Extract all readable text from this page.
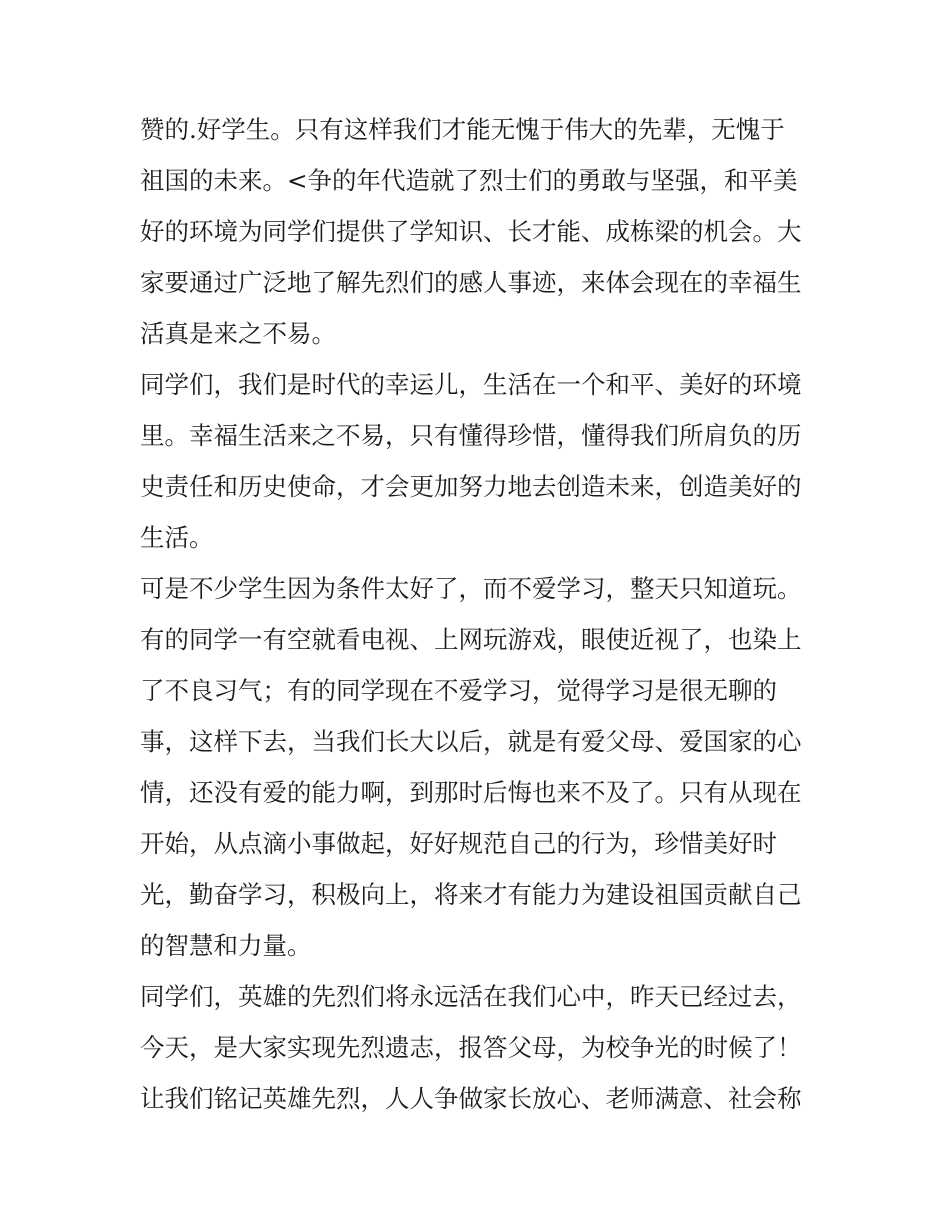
赞的.好学生。只有这样我们才能无愧于伟大的先辈，无愧于
祖国的未来。<争的年代造就了烈士们的勇敢与坚强，和平美
好的环境为同学们提供了学知识、长才能、成栋梁的机会。大
家要通过广泛地了解先烈们的感人事迹，来体会现在的幸福生
活真是来之不易。
同学们，我们是时代的幸运儿，生活在一个和平、美好的环境
里。幸福生活来之不易，只有懂得珍惜，懂得我们所肩负的历
史责任和历史使命，才会更加努力地去创造未来，创造美好的
生活。
可是不少学生因为条件太好了，而不爱学习，整天只知道玩。
有的同学一有空就看电视、上网玩游戏，眼使近视了，也染上
了不良习气；有的同学现在不爱学习，觉得学习是很无聊的
事，这样下去，当我们长大以后，就是有爱父母、爱国家的心
情，还没有爱的能力啊，到那时后悔也来不及了。只有从现在
开始，从点滴小事做起，好好规范自己的行为，珍惜美好时
光，勤奋学习，积极向上，将来才有能力为建设祖国贡献自己
的智慧和力量。
同学们，英雄的先烈们将永远活在我们心中，昨天已经过去，
今天，是大家实现先烈遗志，报答父母，为校争光的时候了！
让我们铭记英雄先烈，人人争做家长放心、老师满意、社会称
